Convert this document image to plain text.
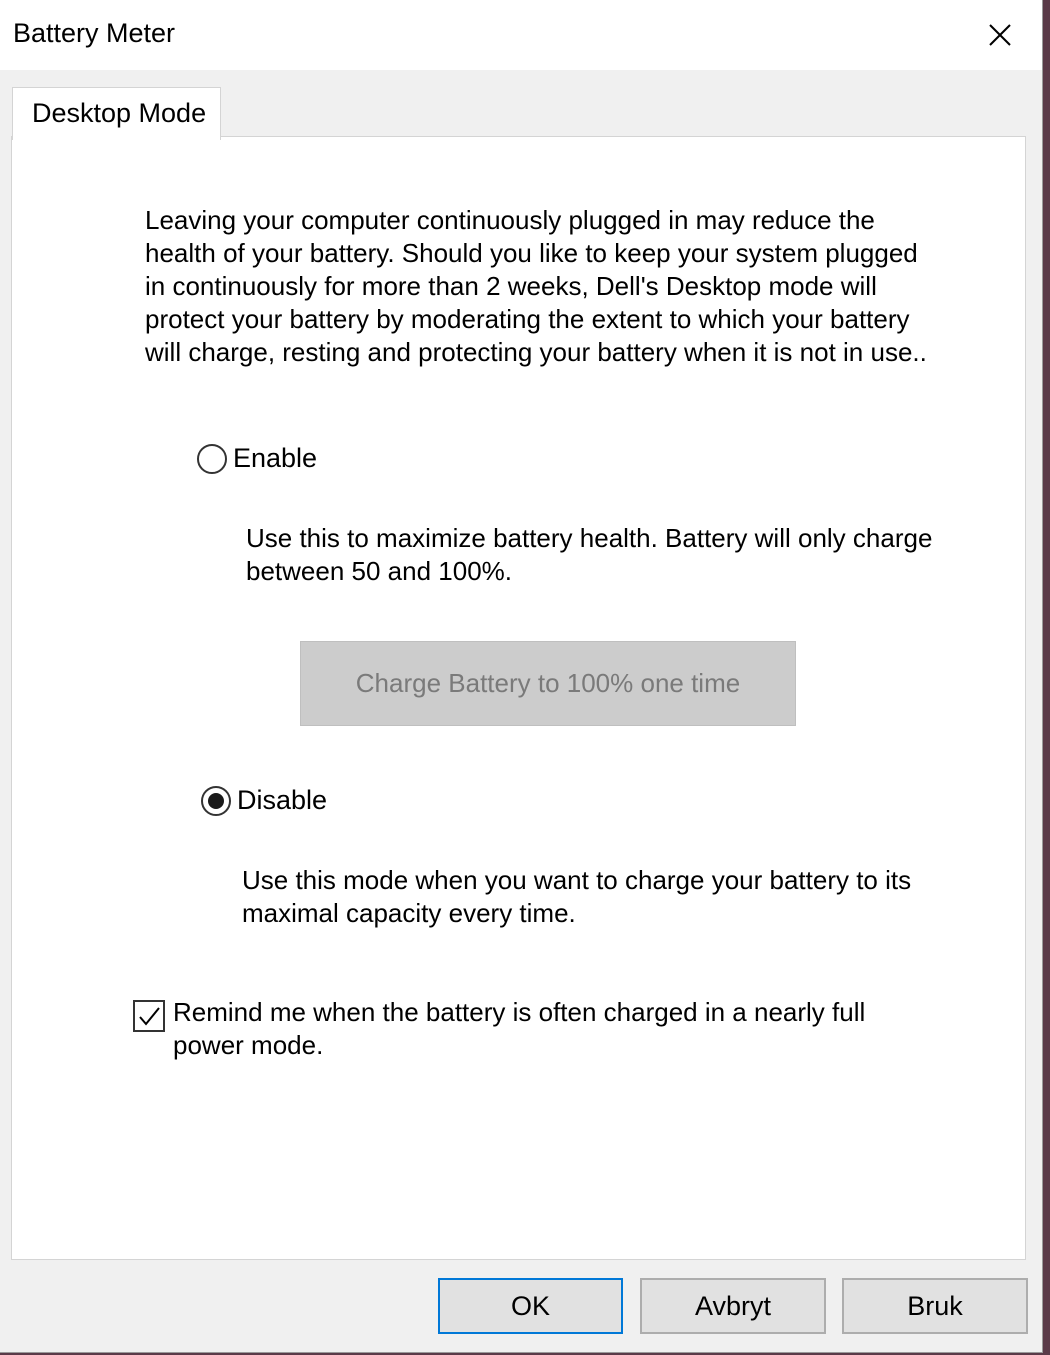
Battery Meter
Desktop Mode

Leaving your computer continuously plugged in may reduce the health of your battery. Should you like to keep your system plugged in continuously for more than 2 weeks, Dell's Desktop mode will protect your battery by moderating the extent to which your battery will charge, resting and protecting your battery when it is not in use..

Enable

Use this to maximize battery health. Battery will only charge between 50 and 100%.

Charge Battery to 100% one time
Disable

Use this mode when you want to charge your battery to its maximal capacity every time.

Remind me when the battery is often charged in a nearly full power mode.
OK	Avbryt	Bruk
